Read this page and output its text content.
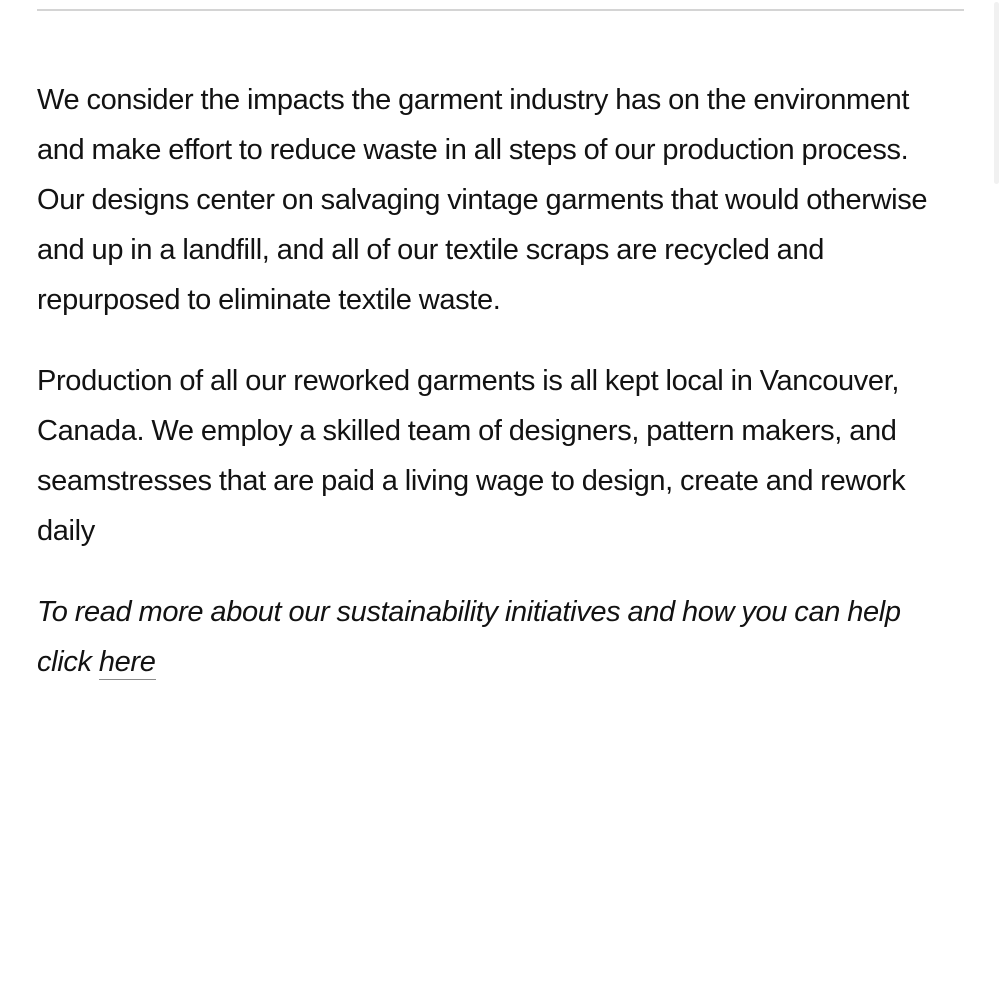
We consider the impacts the garment industry has on the environment and make effort to reduce waste in all steps of our production process. Our designs center on salvaging vintage garments that would otherwise and up in a landfill, and all of our textile scraps are recycled and repurposed to eliminate textile waste.

Production of all our reworked garments is all kept local in Vancouver, Canada. We employ a skilled team of designers, pattern makers, and seamstresses that are paid a living wage to design, create and rework daily

To read more about our sustainability initiatives and how you can help click here
